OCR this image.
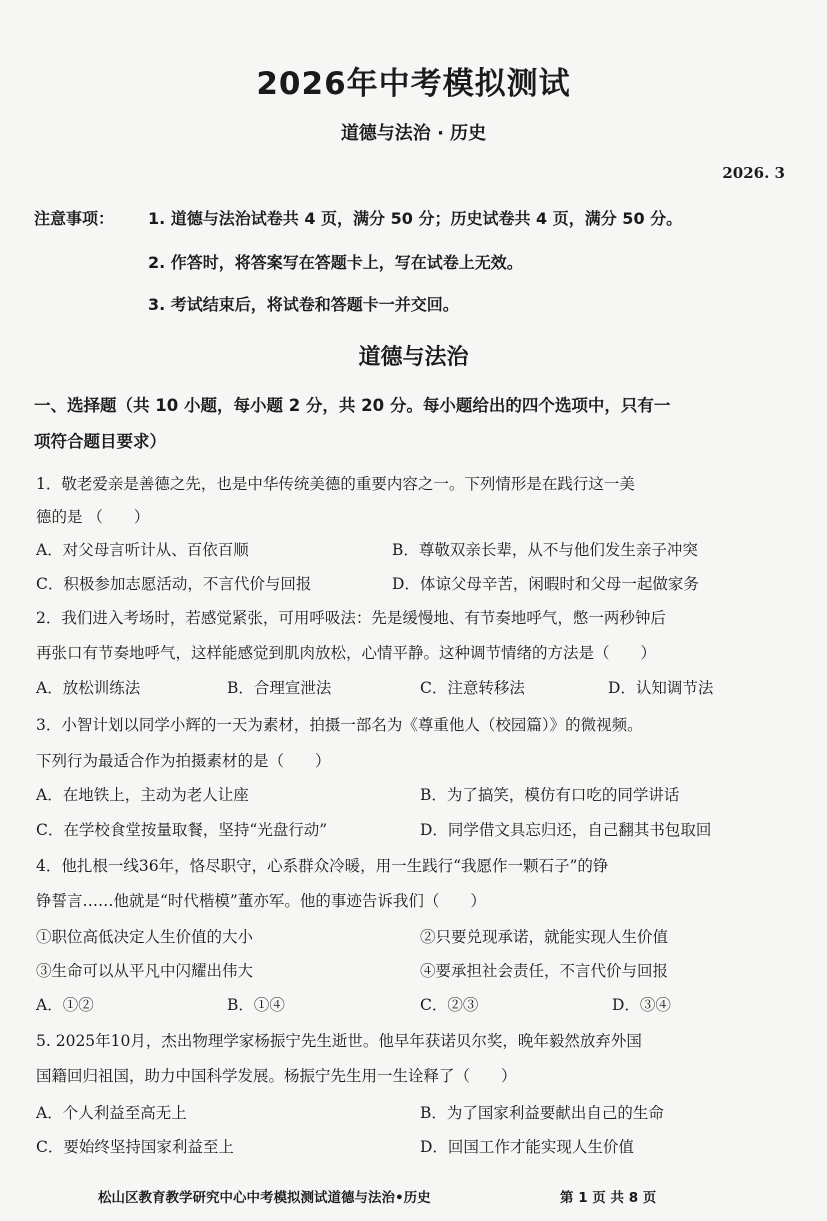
2026年中考模拟测试
道德与法治 · 历史
2026. 3
注意事项： 1. 道德与法治试卷共 4 页，满分 50 分；历史试卷共 4 页，满分 50 分。
2. 作答时，将答案写在答题卡上，写在试卷上无效。
3. 考试结束后，将试卷和答题卡一并交回。
道德与法治
一、选择题（共 10 小题，每小题 2 分，共 20 分。每小题给出的四个选项中，只有一
项符合题目要求）
1．敬老爱亲是善德之先，也是中华传统美德的重要内容之一。下列情形是在践行这一美
德的是 （　　）
A．对父母言听计从、百依百顺	B．尊敬双亲长辈，从不与他们发生亲子冲突
C．积极参加志愿活动，不言代价与回报	D．体谅父母辛苦，闲暇时和父母一起做家务
2．我们进入考场时，若感觉紧张，可用呼吸法：先是缓慢地、有节奏地呼气，憋一两秒钟后
再张口有节奏地呼气，这样能感觉到肌肉放松，心情平静。这种调节情绪的方法是（　　）
A．放松训练法	B．合理宣泄法	C．注意转移法	D．认知调节法
3．小智计划以同学小辉的一天为素材，拍摄一部名为《尊重他人（校园篇）》的微视频。
下列行为最适合作为拍摄素材的是（　　）
A．在地铁上，主动为老人让座	B．为了搞笑，模仿有口吃的同学讲话
C．在学校食堂按量取餐，坚持“光盘行动”	D．同学借文具忘归还，自己翻其书包取回
4．他扎根一线36年，恪尽职守，心系群众冷暖，用一生践行“我愿作一颗石子”的铮
铮誓言……他就是“时代楷模”董亦军。他的事迹告诉我们（　　）
①职位高低决定人生价值的大小	②只要兑现承诺，就能实现人生价值
③生命可以从平凡中闪耀出伟大	④要承担社会责任，不言代价与回报
A．①②	B．①④	C．②③	D．③④
5. 2025年10月，杰出物理学家杨振宁先生逝世。他早年获诺贝尔奖，晚年毅然放弃外国
国籍回归祖国，助力中国科学发展。杨振宁先生用一生诠释了（　　）
A．个人利益至高无上	B．为了国家利益要献出自己的生命
C．要始终坚持国家利益至上	D．回国工作才能实现人生价值
松山区教育教学研究中心中考模拟测试道德与法治•历史	第 1 页 共 8 页
